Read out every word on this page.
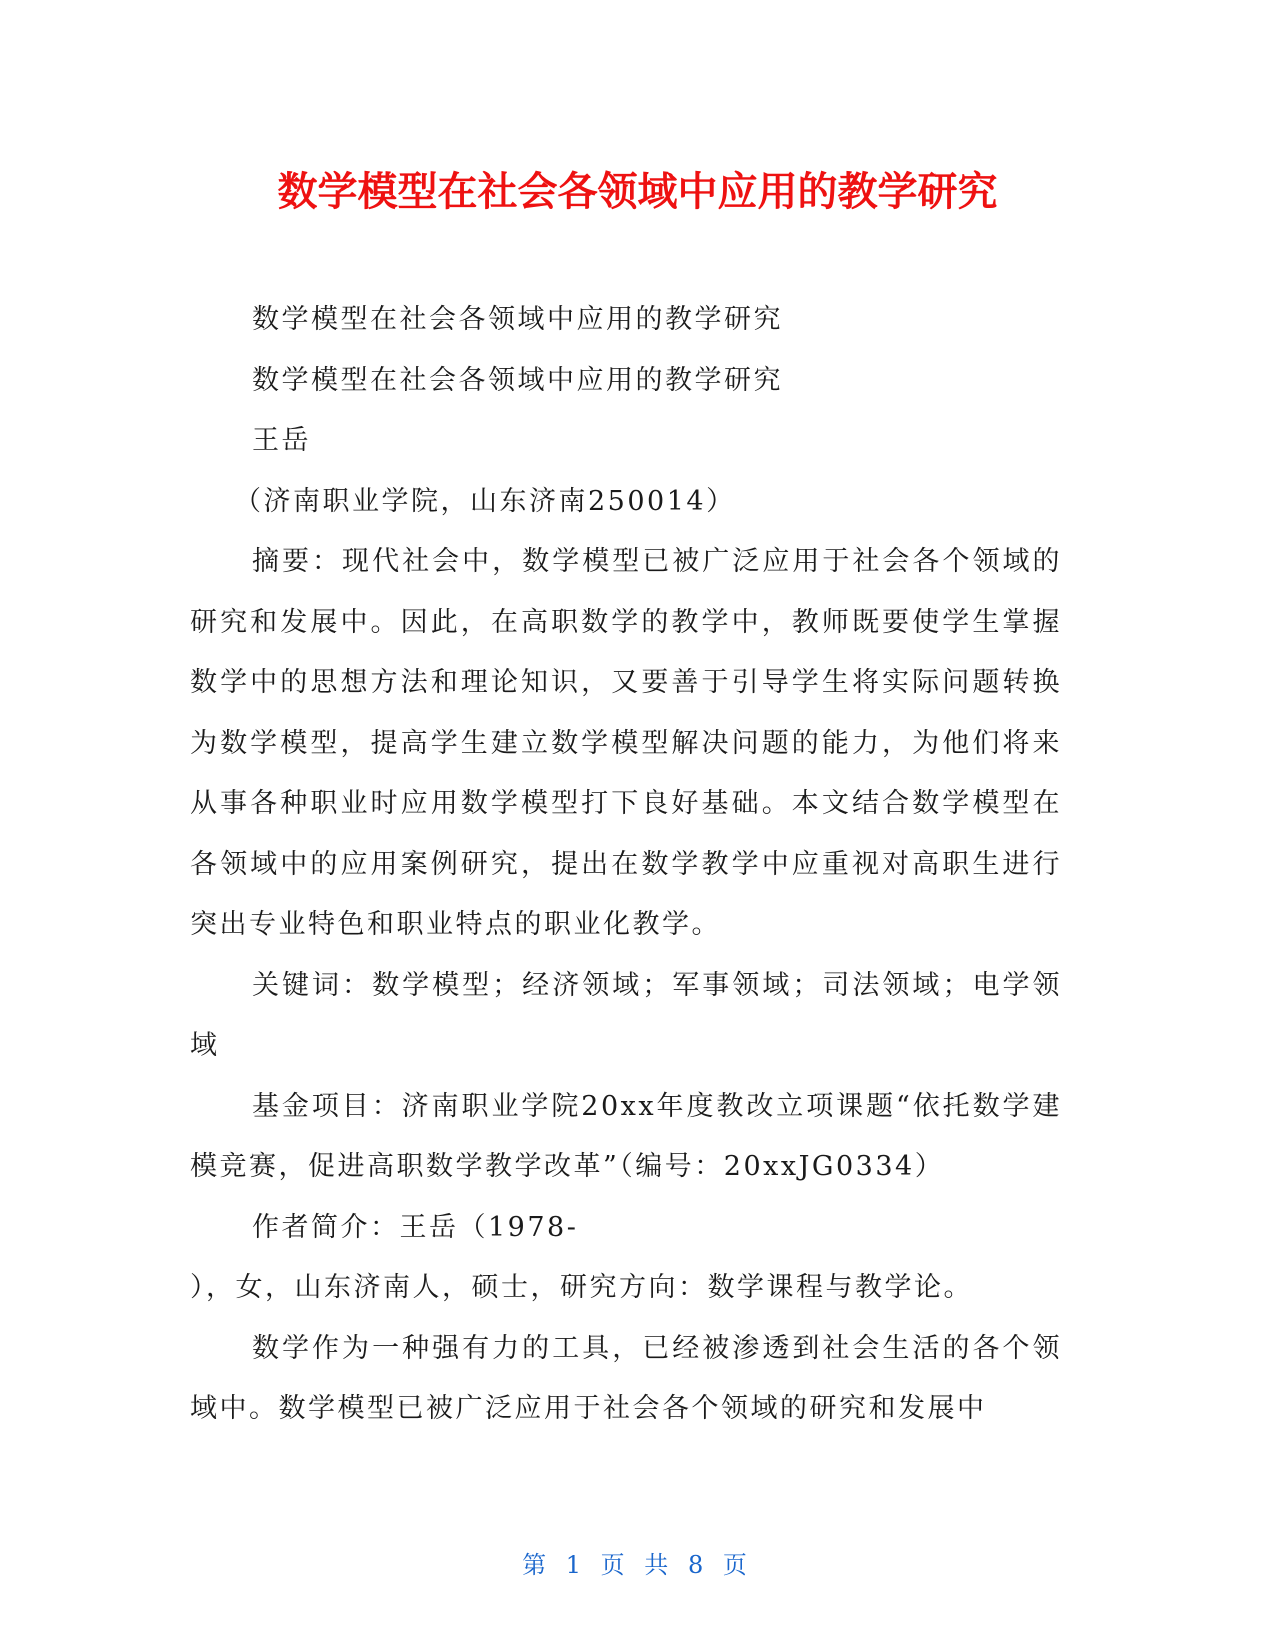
数学模型在社会各领域中应用的教学研究

数学模型在社会各领域中应用的教学研究

数学模型在社会各领域中应用的教学研究

王岳

（济南职业学院，山东济南250014）

摘要：现代社会中，数学模型已被广泛应用于社会各个领域的研究和发展中。因此，在高职数学的教学中，教师既要使学生掌握数学中的思想方法和理论知识，又要善于引导学生将实际问题转换为数学模型，提高学生建立数学模型解决问题的能力，为他们将来从事各种职业时应用数学模型打下良好基础。本文结合数学模型在各领域中的应用案例研究，提出在数学教学中应重视对高职生进行突出专业特色和职业特点的职业化教学。

关键词：数学模型；经济领域；军事领域；司法领域；电学领域

基金项目：济南职业学院20xx年度教改立项课题“依托数学建模竞赛，促进高职数学教学改革”（编号：20xxJG0334）

作者简介：王岳（1978-

），女，山东济南人，硕士，研究方向：数学课程与教学论。

数学作为一种强有力的工具，已经被渗透到社会生活的各个领域中。数学模型已被广泛应用于社会各个领域的研究和发展中

第 1 页 共 8 页
